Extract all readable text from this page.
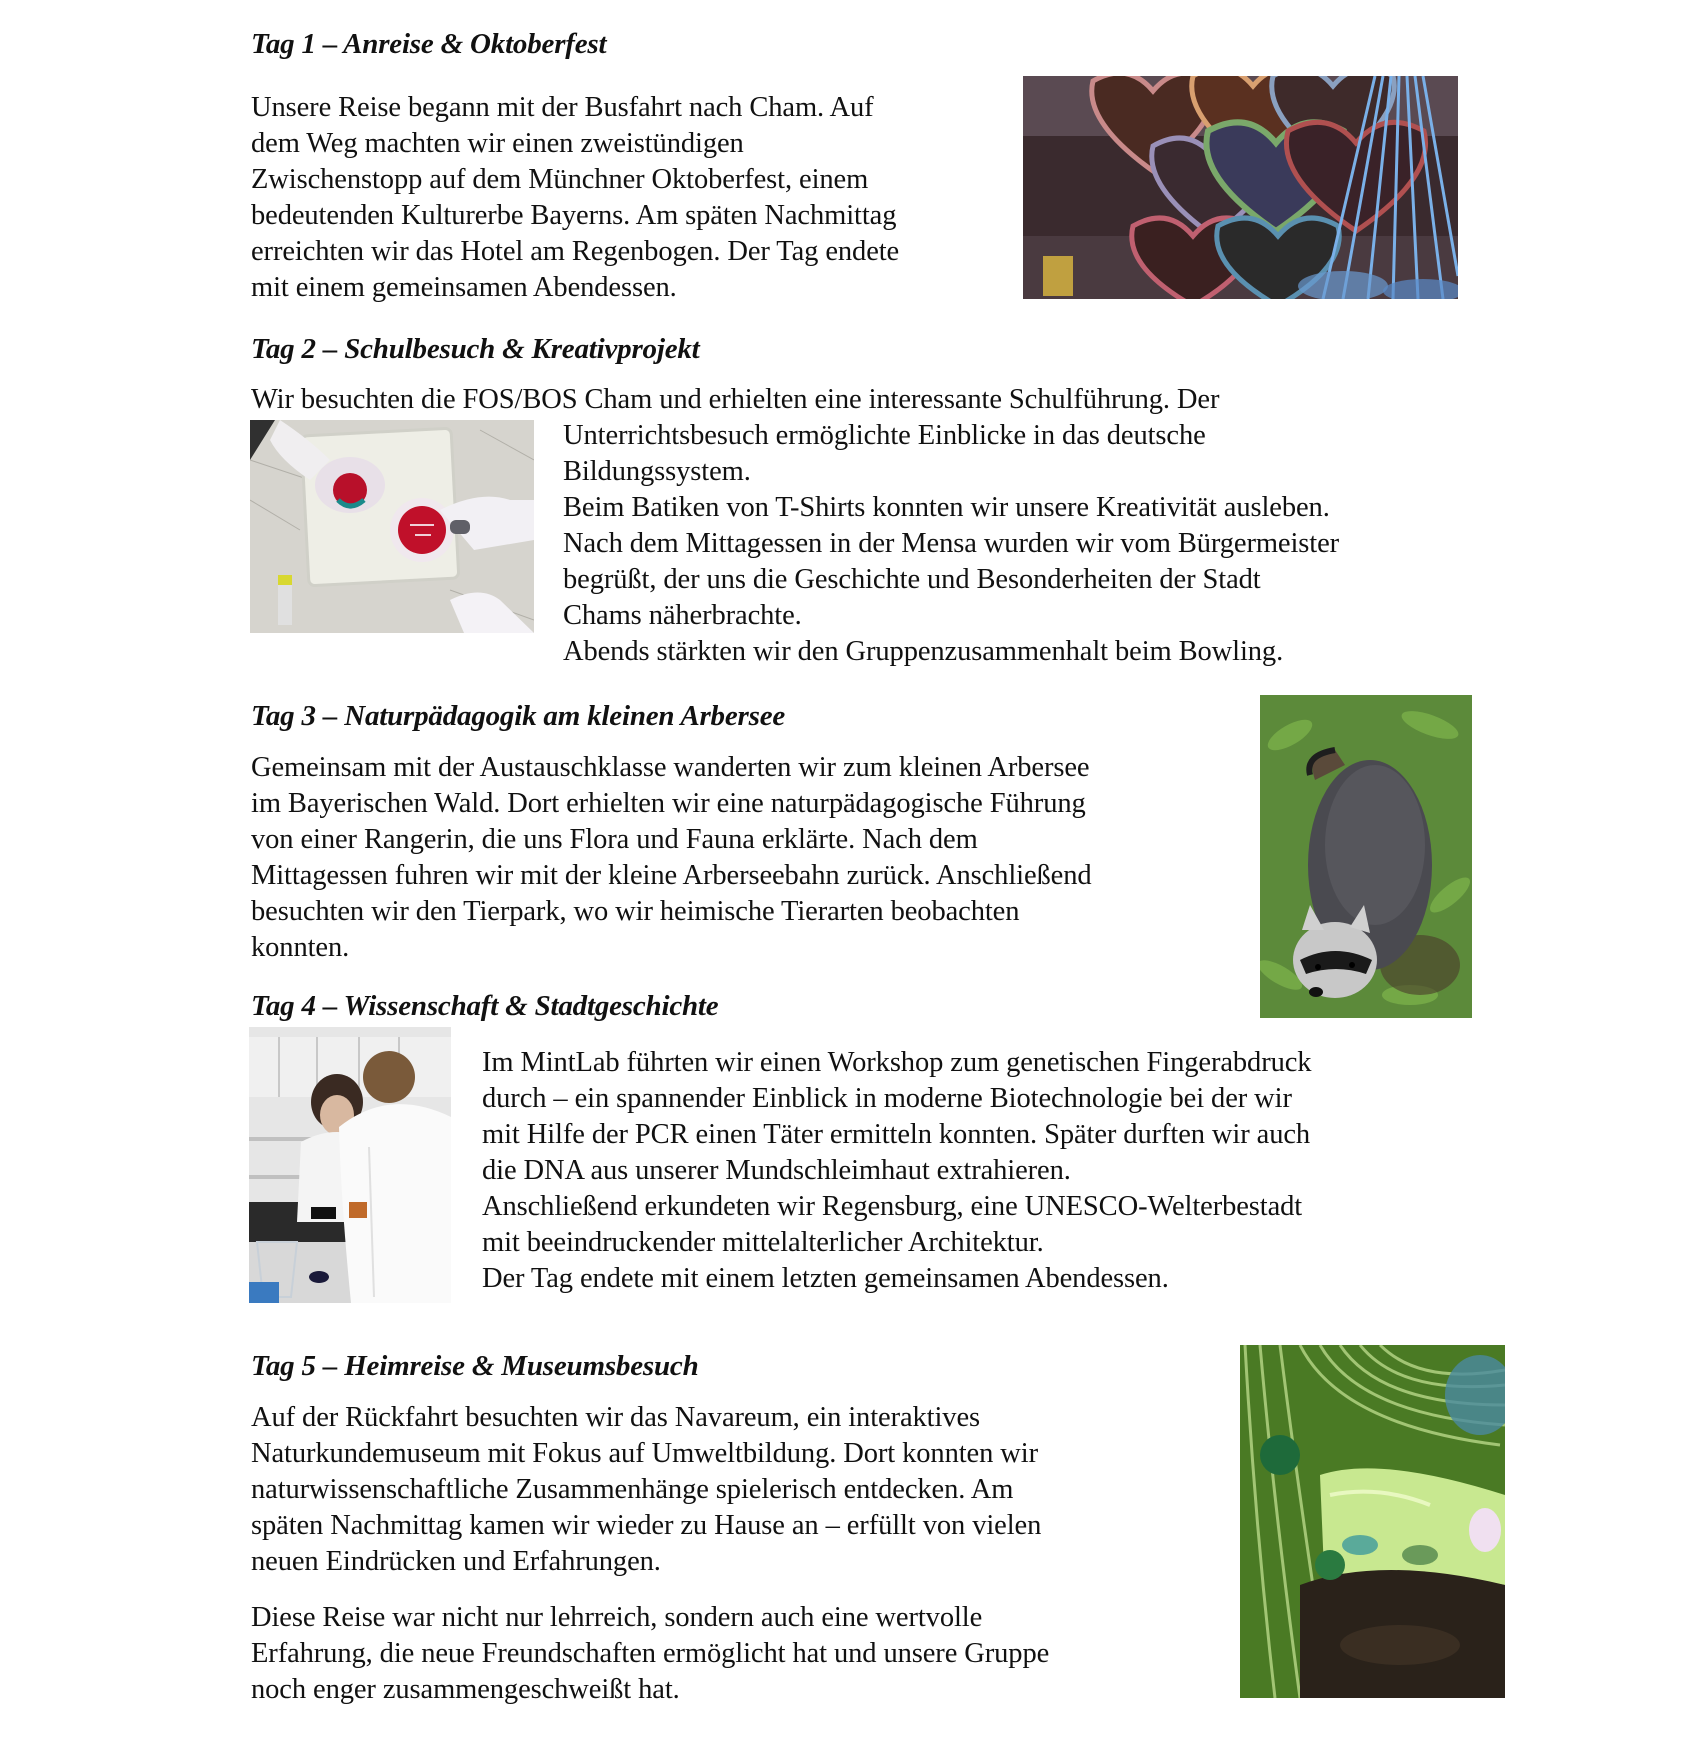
Tag 1 – Anreise & Oktoberfest

Unsere Reise begann mit der Busfahrt nach Cham. Auf
dem Weg machten wir einen zweistündigen
Zwischenstopp auf dem Münchner Oktoberfest, einem
bedeutenden Kulturerbe Bayerns. Am späten Nachmittag
erreichten wir das Hotel am Regenbogen. Der Tag endete
mit einem gemeinsamen Abendessen.

Tag 2 – Schulbesuch & Kreativprojekt

Wir besuchten die FOS/BOS Cham und erhielten eine interessante Schulführung. Der

Unterrichtsbesuch ermöglichte Einblicke in das deutsche
Bildungssystem.
Beim Batiken von T-Shirts konnten wir unsere Kreativität ausleben.
Nach dem Mittagessen in der Mensa wurden wir vom Bürgermeister
begrüßt, der uns die Geschichte und Besonderheiten der Stadt
Chams näherbrachte.
Abends stärkten wir den Gruppenzusammenhalt beim Bowling.

Tag 3 – Naturpädagogik am kleinen Arbersee

Gemeinsam mit der Austauschklasse wanderten wir zum kleinen Arbersee
im Bayerischen Wald. Dort erhielten wir eine naturpädagogische Führung
von einer Rangerin, die uns Flora und Fauna erklärte. Nach dem
Mittagessen fuhren wir mit der kleine Arberseebahn zurück. Anschließend
besuchten wir den Tierpark, wo wir heimische Tierarten beobachten
konnten.

Tag 4 – Wissenschaft & Stadtgeschichte

Im MintLab führten wir einen Workshop zum genetischen Fingerabdruck
durch – ein spannender Einblick in moderne Biotechnologie bei der wir
mit Hilfe der PCR einen Täter ermitteln konnten. Später durften wir auch
die DNA aus unserer Mundschleimhaut extrahieren.
Anschließend erkundeten wir Regensburg, eine UNESCO-Welterbestadt
mit beeindruckender mittelalterlicher Architektur.
Der Tag endete mit einem letzten gemeinsamen Abendessen.

Tag 5 – Heimreise & Museumsbesuch

Auf der Rückfahrt besuchten wir das Navareum, ein interaktives
Naturkundemuseum mit Fokus auf Umweltbildung. Dort konnten wir
naturwissenschaftliche Zusammenhänge spielerisch entdecken. Am
späten Nachmittag kamen wir wieder zu Hause an – erfüllt von vielen
neuen Eindrücken und Erfahrungen.

Diese Reise war nicht nur lehrreich, sondern auch eine wertvolle
Erfahrung, die neue Freundschaften ermöglicht hat und unsere Gruppe
noch enger zusammengeschweißt hat.
